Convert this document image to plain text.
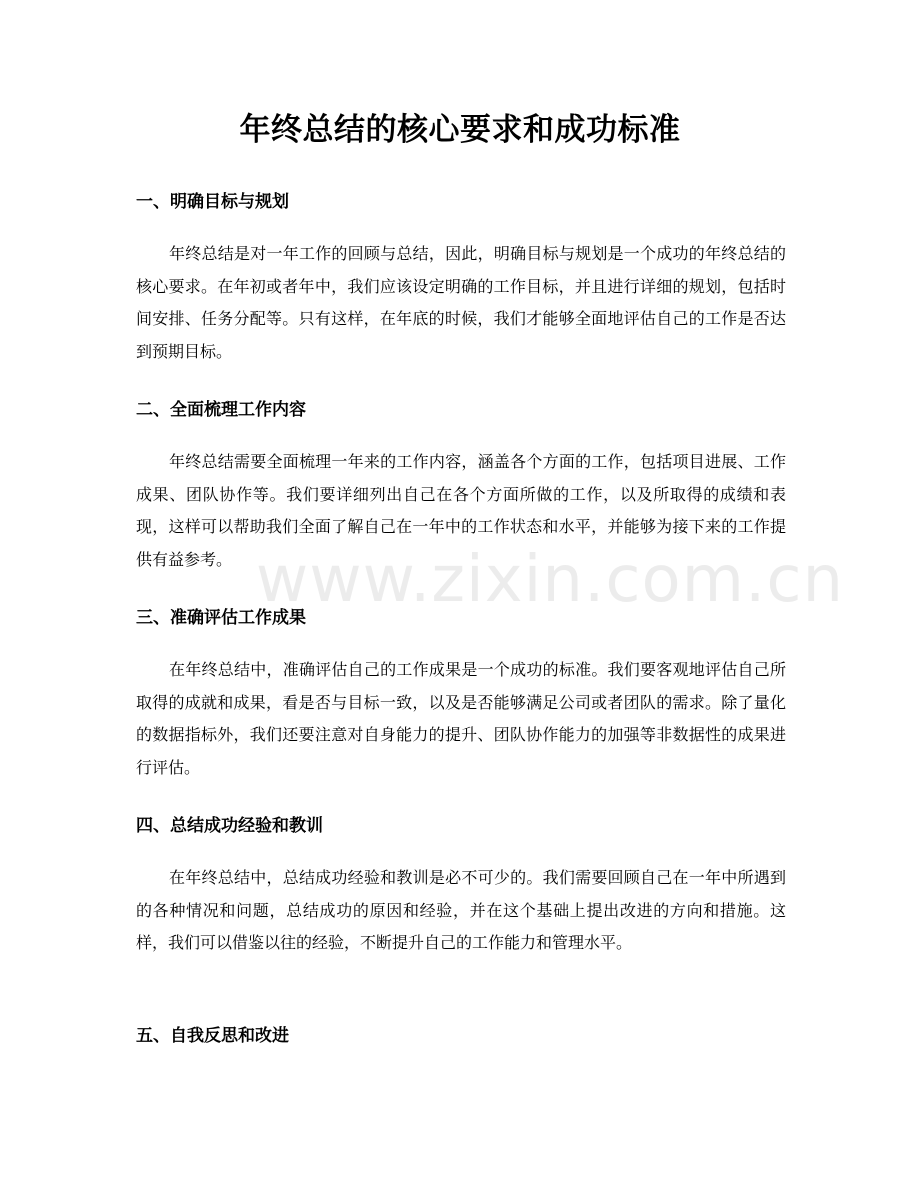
年终总结的核心要求和成功标准
一、明确目标与规划

年终总结是对一年工作的回顾与总结，因此，明确目标与规划是一个成功的年终总结的核心要求。在年初或者年中，我们应该设定明确的工作目标，并且进行详细的规划，包括时间安排、任务分配等。只有这样，在年底的时候，我们才能够全面地评估自己的工作是否达到预期目标。

二、全面梳理工作内容

年终总结需要全面梳理一年来的工作内容，涵盖各个方面的工作，包括项目进展、工作成果、团队协作等。我们要详细列出自己在各个方面所做的工作，以及所取得的成绩和表现，这样可以帮助我们全面了解自己在一年中的工作状态和水平，并能够为接下来的工作提供有益参考。

三、准确评估工作成果

在年终总结中，准确评估自己的工作成果是一个成功的标准。我们要客观地评估自己所取得的成就和成果，看是否与目标一致，以及是否能够满足公司或者团队的需求。除了量化的数据指标外，我们还要注意对自身能力的提升、团队协作能力的加强等非数据性的成果进行评估。

四、总结成功经验和教训

在年终总结中，总结成功经验和教训是必不可少的。我们需要回顾自己在一年中所遇到的各种情况和问题，总结成功的原因和经验，并在这个基础上提出改进的方向和措施。这样，我们可以借鉴以往的经验，不断提升自己的工作能力和管理水平。

五、自我反思和改进
www.zixin.com.cn
